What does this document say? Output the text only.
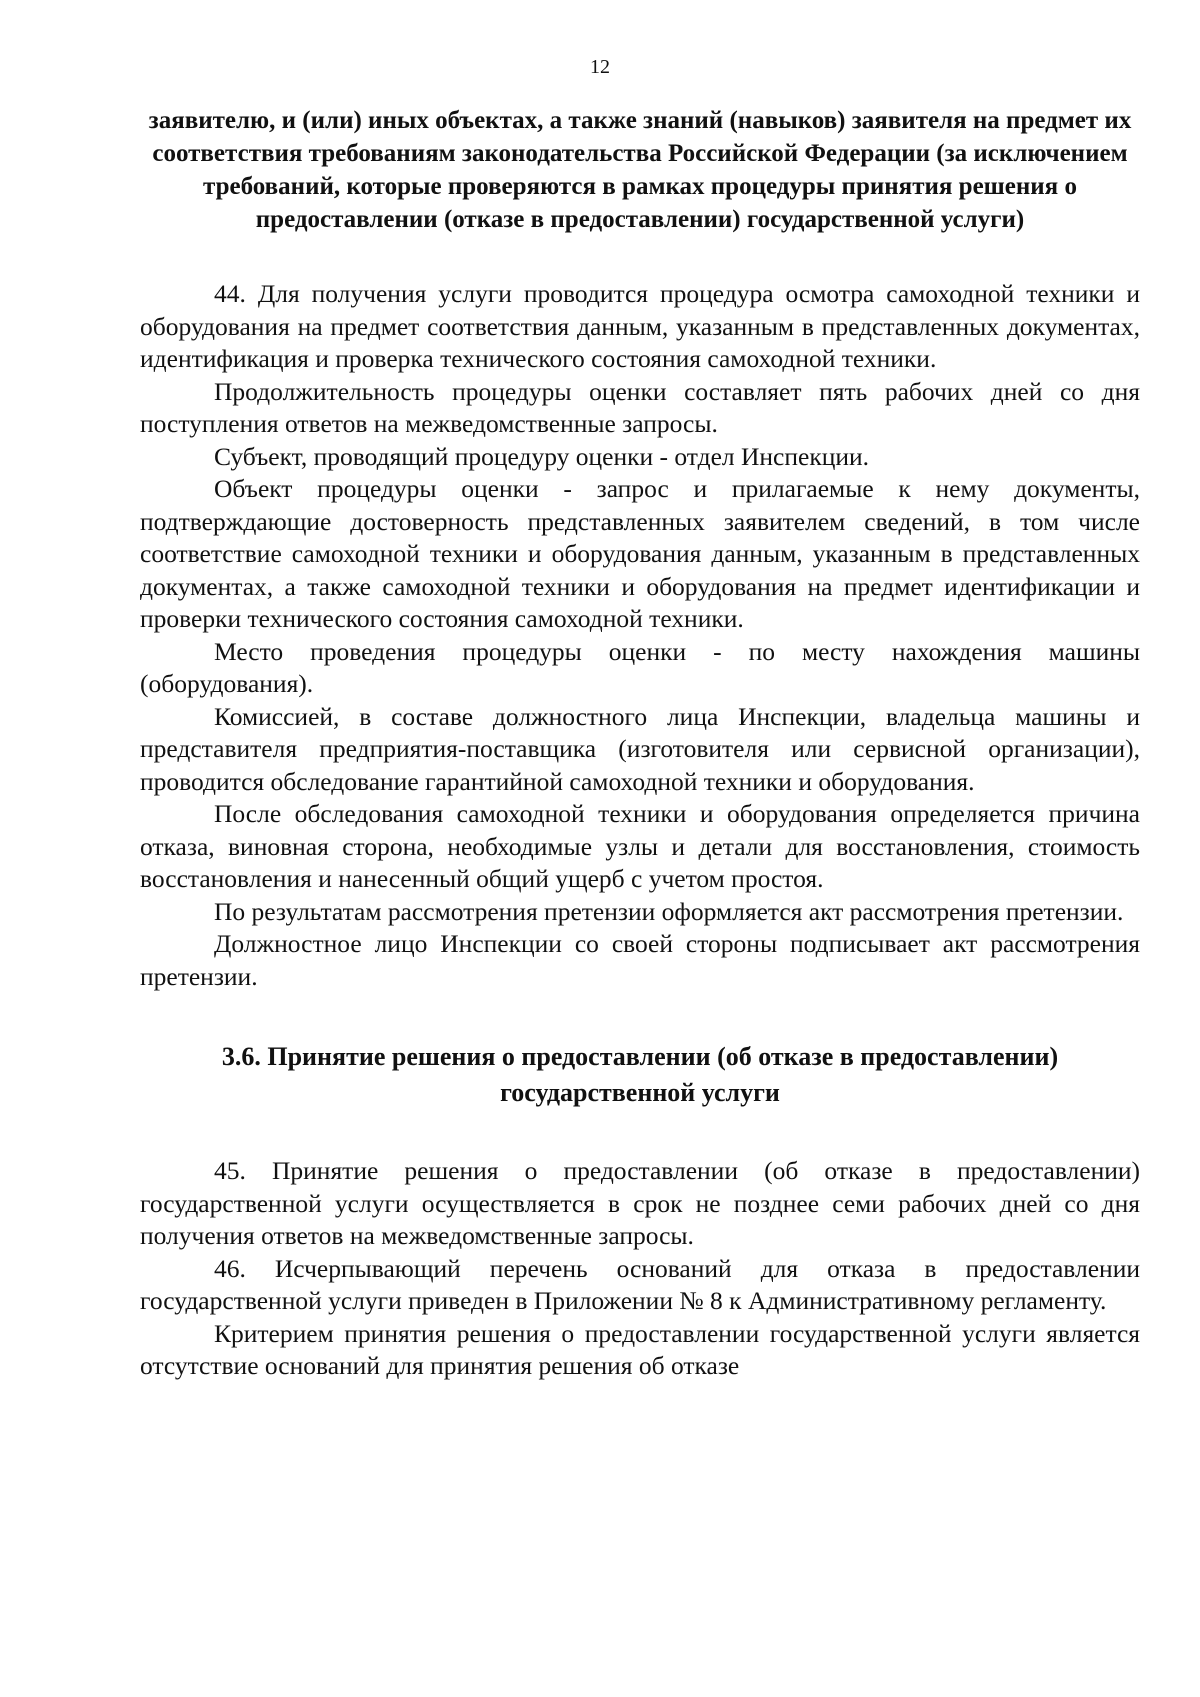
12
заявителю, и (или) иных объектах, а также знаний (навыков) заявителя на предмет их соответствия требованиям законодательства Российской Федерации (за исключением требований, которые проверяются в рамках процедуры принятия решения о предоставлении (отказе в предоставлении) государственной услуги)

44. Для получения услуги проводится процедура осмотра самоходной техники и оборудования на предмет соответствия данным, указанным в представленных документах, идентификация и проверка технического состояния самоходной техники.

Продолжительность процедуры оценки составляет пять рабочих дней со дня поступления ответов на межведомственные запросы.

Субъект, проводящий процедуру оценки - отдел Инспекции.

Объект процедуры оценки - запрос и прилагаемые к нему документы, подтверждающие достоверность представленных заявителем сведений, в том числе соответствие самоходной техники и оборудования данным, указанным в представленных документах, а также самоходной техники и оборудования на предмет идентификации и проверки технического состояния самоходной техники.

Место проведения процедуры оценки - по месту нахождения машины (оборудования).

Комиссией, в составе должностного лица Инспекции, владельца машины и представителя предприятия-поставщика (изготовителя или сервисной организации), проводится обследование гарантийной самоходной техники и оборудования.

После обследования самоходной техники и оборудования определяется причина отказа, виновная сторона, необходимые узлы и детали для восстановления, стоимость восстановления и нанесенный общий ущерб с учетом простоя.

По результатам рассмотрения претензии оформляется акт рассмотрения претензии.

Должностное лицо Инспекции со своей стороны подписывает акт рассмотрения претензии.

3.6. Принятие решения о предоставлении (об отказе в предоставлении) государственной услуги

45. Принятие решения о предоставлении (об отказе в предоставлении) государственной услуги осуществляется в срок не позднее семи рабочих дней со дня получения ответов на межведомственные запросы.

46. Исчерпывающий перечень оснований для отказа в предоставлении государственной услуги приведен в Приложении № 8 к Административному регламенту.

Критерием принятия решения о предоставлении государственной услуги является отсутствие оснований для принятия решения об отказе
